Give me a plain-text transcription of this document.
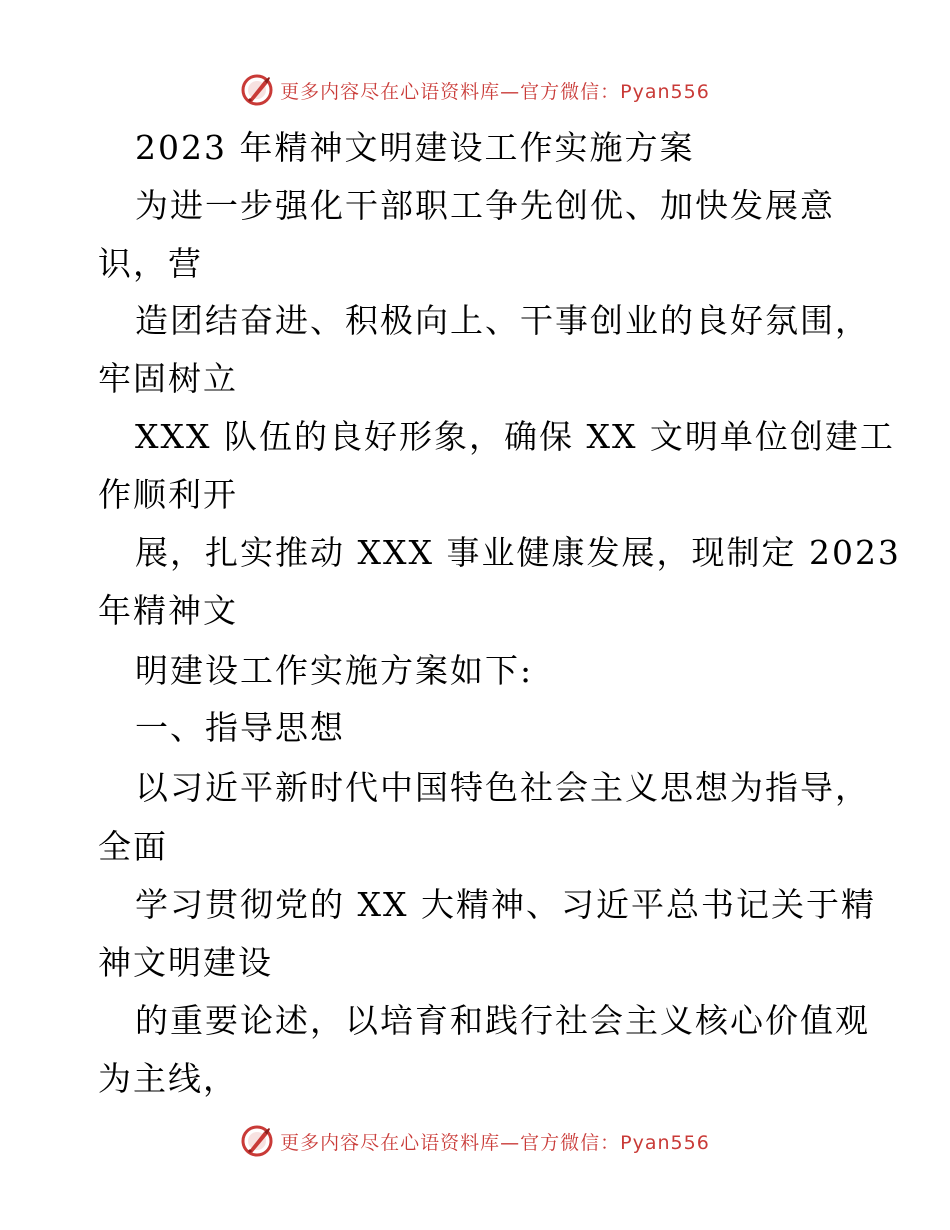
更多内容尽在心语资料库—官方微信：Pyan556
2023 年精神文明建设工作实施方案
为进一步强化干部职工争先创优、加快发展意
识，营
造团结奋进、积极向上、干事创业的良好氛围，
牢固树立
XXX 队伍的良好形象，确保 XX 文明单位创建工
作顺利开
展，扎实推动 XXX 事业健康发展，现制定 2023
年精神文
明建设工作实施方案如下:
一、指导思想
以习近平新时代中国特色社会主义思想为指导，
全面
学习贯彻党的 XX 大精神、习近平总书记关于精
神文明建设
的重要论述，以培育和践行社会主义核心价值观
为主线，
更多内容尽在心语资料库—官方微信：Pyan556
